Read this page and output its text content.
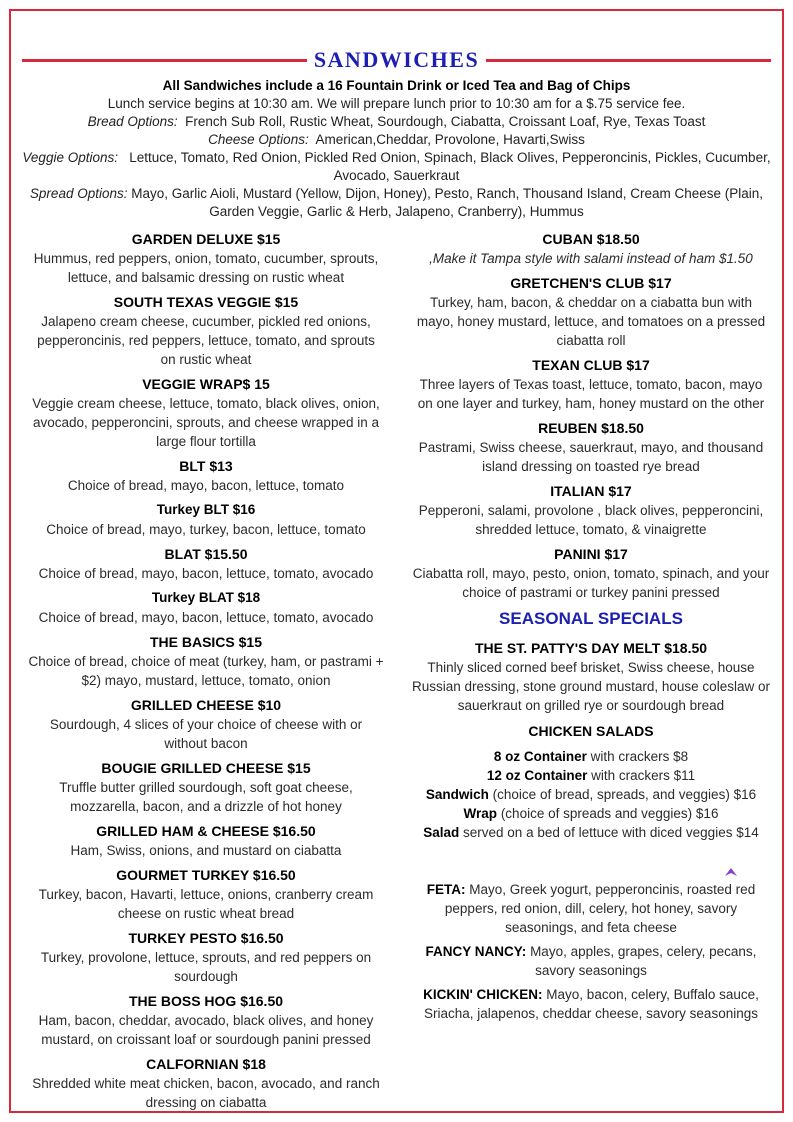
SANDWICHES
All Sandwiches include a 16 Fountain Drink or Iced Tea and Bag of Chips
Lunch service begins at 10:30 am. We will prepare lunch prior to 10:30 am for a $.75 service fee.
Bread Options: French Sub Roll, Rustic Wheat, Sourdough, Ciabatta, Croissant Loaf, Rye, Texas Toast
Cheese Options: American,Cheddar, Provolone, Havarti,Swiss
Veggie Options: Lettuce, Tomato, Red Onion, Pickled Red Onion, Spinach, Black Olives, Pepperoncinis, Pickles, Cucumber, Avocado, Sauerkraut
Spread Options: Mayo, Garlic Aioli, Mustard (Yellow, Dijon, Honey), Pesto, Ranch, Thousand Island, Cream Cheese (Plain, Garden Veggie, Garlic & Herb, Jalapeno, Cranberry), Hummus
GARDEN DELUXE $15
Hummus, red peppers, onion, tomato, cucumber, sprouts, lettuce, and balsamic dressing on rustic wheat
SOUTH TEXAS VEGGIE $15
Jalapeno cream cheese, cucumber, pickled red onions, pepperoncinis, red peppers, lettuce, tomato, and sprouts on rustic wheat
VEGGIE WRAP$ 15
Veggie cream cheese, lettuce, tomato, black olives, onion, avocado, pepperoncini, sprouts, and cheese wrapped in a large flour tortilla
BLT $13
Choice of bread, mayo, bacon, lettuce, tomato
Turkey BLT $16
Choice of bread, mayo, turkey, bacon, lettuce, tomato
BLAT $15.50
Choice of bread, mayo, bacon, lettuce, tomato, avocado
Turkey BLAT $18
Choice of bread, mayo, bacon, lettuce, tomato, avocado
THE BASICS $15
Choice of bread, choice of meat (turkey, ham, or pastrami + $2) mayo, mustard, lettuce, tomato, onion
GRILLED CHEESE $10
Sourdough, 4 slices of your choice of cheese with or without bacon
BOUGIE GRILLED CHEESE $15
Truffle butter grilled sourdough, soft goat cheese, mozzarella, bacon, and a drizzle of hot honey
GRILLED HAM & CHEESE $16.50
Ham, Swiss, onions, and mustard on ciabatta
GOURMET TURKEY $16.50
Turkey, bacon, Havarti, lettuce, onions, cranberry cream cheese on rustic wheat bread
TURKEY PESTO $16.50
Turkey, provolone, lettuce, sprouts, and red peppers on sourdough
THE BOSS HOG $16.50
Ham, bacon, cheddar, avocado, black olives, and honey mustard, on croissant loaf or sourdough panini pressed
CALFORNIAN $18
Shredded white meat chicken, bacon, avocado, and ranch dressing on ciabatta
CUBAN $18.50
,Make it Tampa style with salami instead of ham $1.50
GRETCHEN'S CLUB $17
Turkey, ham, bacon, & cheddar on a ciabatta bun with mayo, honey mustard, lettuce, and tomatoes on a pressed ciabatta roll
TEXAN CLUB $17
Three layers of Texas toast, lettuce, tomato, bacon, mayo on one layer and turkey, ham, honey mustard on the other
REUBEN $18.50
Pastrami, Swiss cheese, sauerkraut, mayo, and thousand island dressing on toasted rye bread
ITALIAN $17
Pepperoni, salami, provolone , black olives, pepperoncini, shredded lettuce, tomato, & vinaigrette
PANINI $17
Ciabatta roll, mayo, pesto, onion, tomato, spinach, and your choice of pastrami or turkey panini pressed
SEASONAL SPECIALS
THE ST. PATTY'S DAY MELT $18.50
Thinly sliced corned beef brisket, Swiss cheese, house Russian dressing, stone ground mustard, house coleslaw or sauerkraut on grilled rye or sourdough bread
CHICKEN SALADS
8 oz Container with crackers $8
12 oz Container with crackers $11
Sandwich (choice of bread, spreads, and veggies) $16
Wrap (choice of spreads and veggies) $16
Salad served on a bed of lettuce with diced veggies $14
FETA: Mayo, Greek yogurt, pepperoncinis, roasted red peppers, red onion, dill, celery, hot honey, savory seasonings, and feta cheese
FANCY NANCY: Mayo, apples, grapes, celery, pecans, savory seasonings
KICKIN' CHICKEN: Mayo, bacon, celery, Buffalo sauce, Sriacha, jalapenos, cheddar cheese, savory seasonings
